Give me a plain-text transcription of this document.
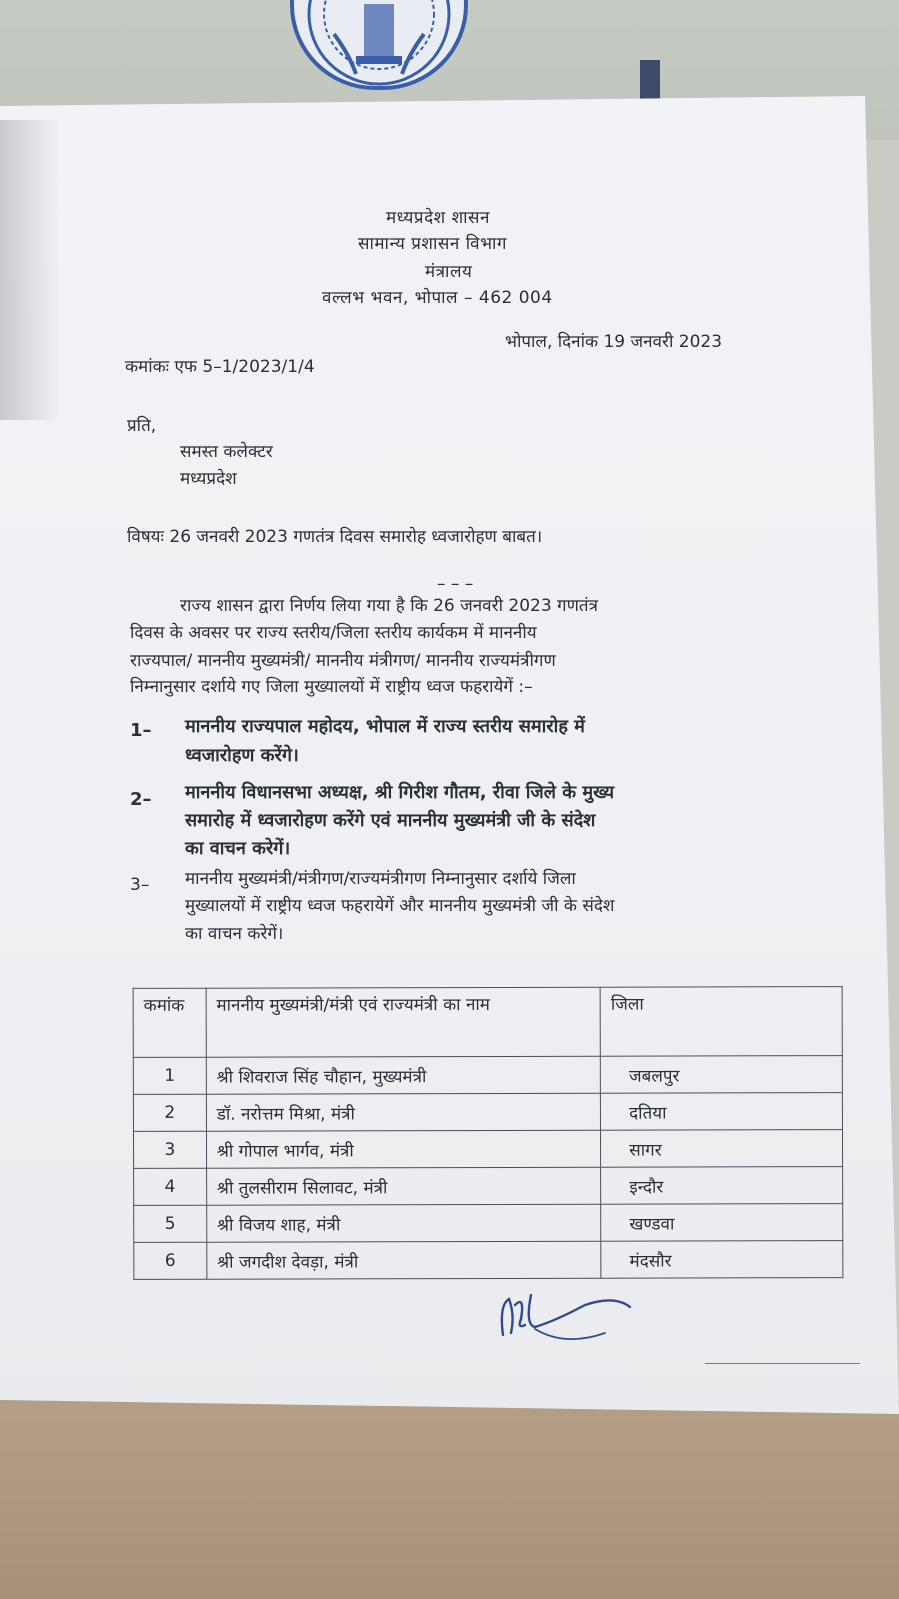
मध्यप्रदेश शासन
सामान्य प्रशासन विभाग
मंत्रालय
वल्लभ भवन, भोपाल – 462 004
भोपाल, दिनांक 19 जनवरी 2023
कमांकः एफ 5–1/2023/1/4
प्रति,
समस्त कलेक्टर
मध्यप्रदेश
विषयः 26 जनवरी 2023 गणतंत्र दिवस समारोह ध्वजारोहण बाबत।
– – –
राज्य शासन द्वारा निर्णय लिया गया है कि 26 जनवरी 2023 गणतंत्र
दिवस के अवसर पर राज्य स्तरीय/जिला स्तरीय कार्यकम में माननीय
राज्यपाल/ माननीय मुख्यमंत्री/ माननीय मंत्रीगण/ माननीय राज्यमंत्रीगण
निम्नानुसार दर्शाये गए जिला मुख्यालयों में राष्ट्रीय ध्वज फहरायेगें :–
1– माननीय राज्यपाल महोदय, भोपाल में राज्य स्तरीय समारोह में
ध्वजारोहण करेंगे।
2– माननीय विधानसभा अध्यक्ष, श्री गिरीश गौतम, रीवा जिले के मुख्य
समारोह में ध्वजारोहण करेंगे एवं माननीय मुख्यमंत्री जी के संदेश
का वाचन करेगें।
3– माननीय मुख्यमंत्री/मंत्रीगण/राज्यमंत्रीगण निम्नानुसार दर्शाये जिला
मुख्यालयों में राष्ट्रीय ध्वज फहरायेगें और माननीय मुख्यमंत्री जी के संदेश
का वाचन करेगें।
कमांक	माननीय मुख्यमंत्री/मंत्री एवं राज्यमंत्री का नाम	जिला
1	श्री शिवराज सिंह चौहान, मुख्यमंत्री	जबलपुर
2	डॉ. नरोत्तम मिश्रा, मंत्री	दतिया
3	श्री गोपाल भार्गव, मंत्री	सागर
4	श्री तुलसीराम सिलावट, मंत्री	इन्दौर
5	श्री विजय शाह, मंत्री	खण्डवा
6	श्री जगदीश देवड़ा, मंत्री	मंदसौर
